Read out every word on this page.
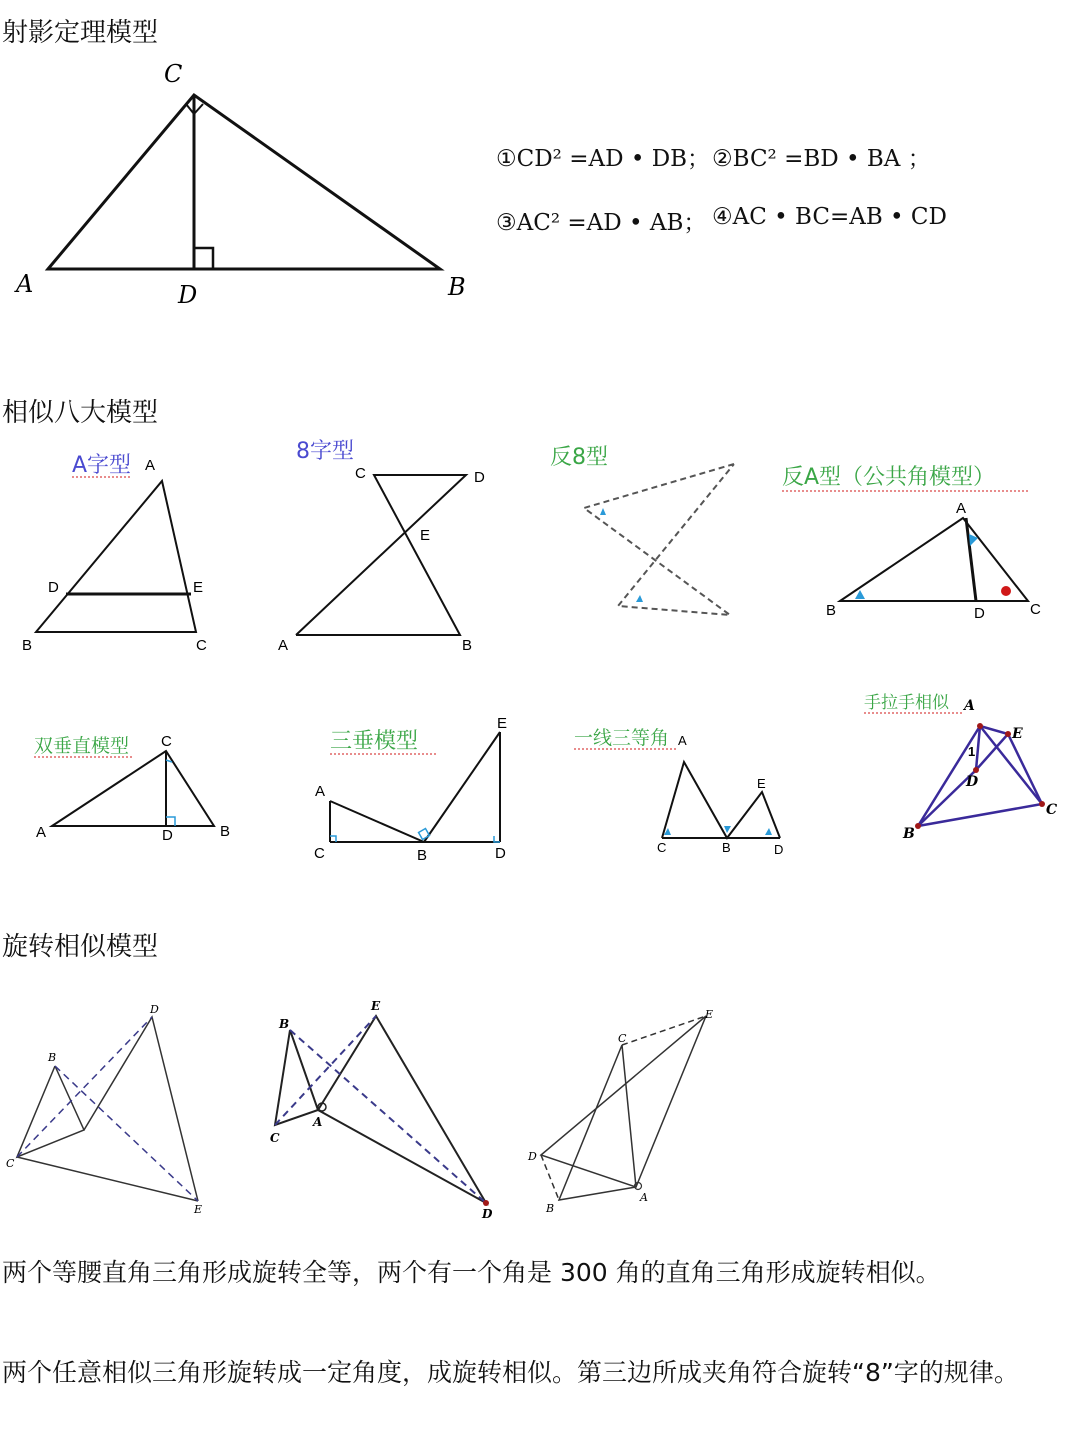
射影定理模型
相似八大模型
旋转相似模型
①CD² =AD • DB； ②BC² =BD • BA ；
③AC² =AD • AB； ④AC • BC=AB • CD
C
A	D	B
A字型 A
D	E
B	C
8字型
C	D
E
A	B
反8型
反A型（公共角模型）
A
B	D	C
双垂直模型 C
A	D	B
三垂模型
E
A
C	B	D
一线三等角 A
E
C	B	D
手拉手相似 A
E
D
B
C
1
B
D
C
E
B
E
A
C
D
C
E
D
B
A

两个等腰直角三角形成旋转全等，两个有一个角是 300 角的直角三角形成旋转相似。

两个任意相似三角形旋转成一定角度，成旋转相似。第三边所成夹角符合旋转“8”字的规律。
